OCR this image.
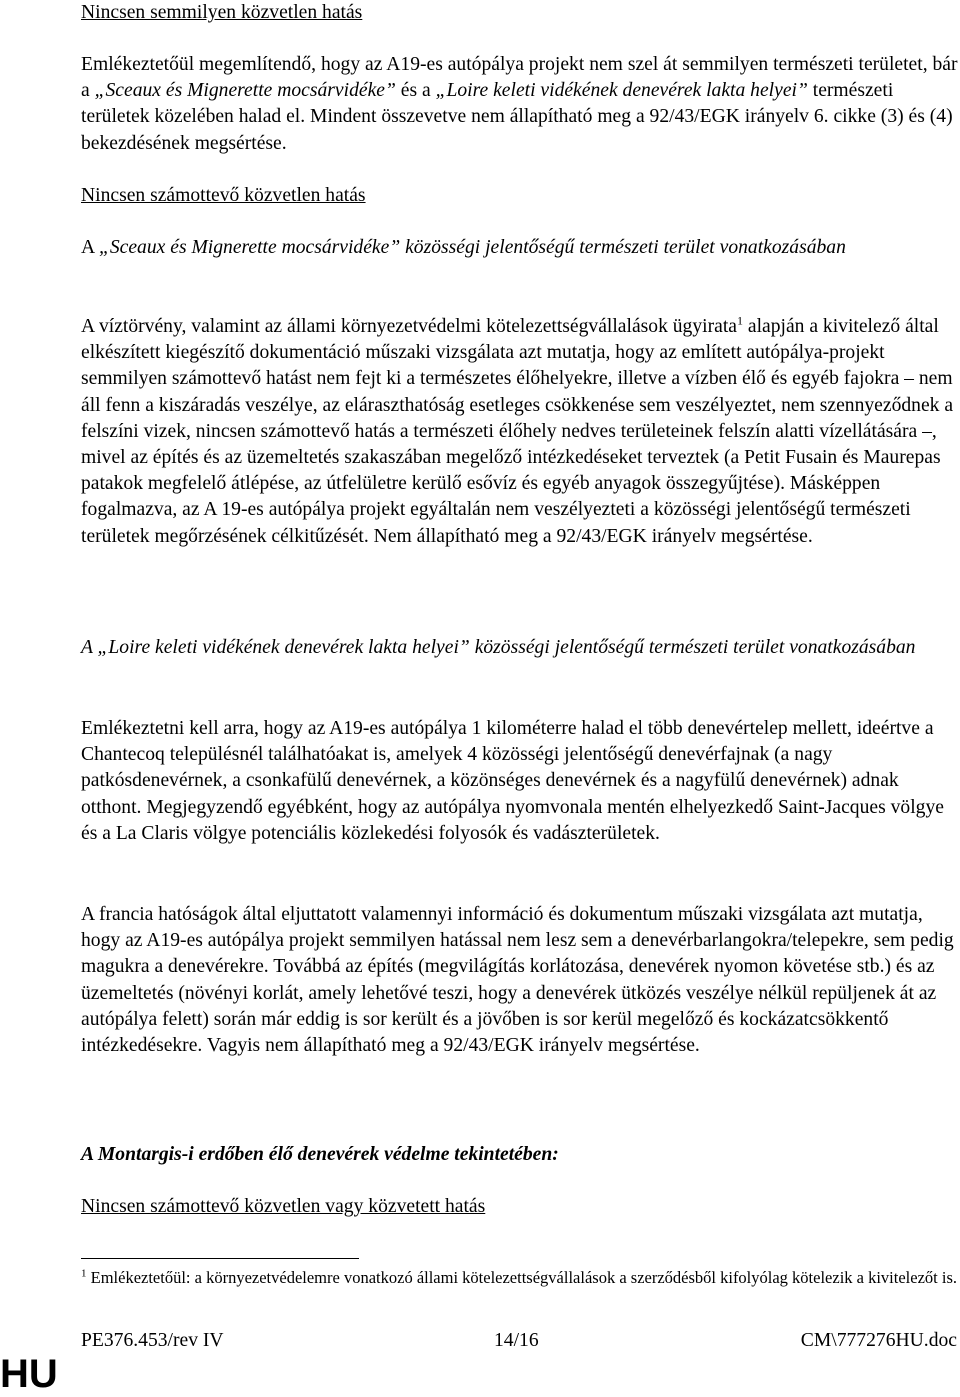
Nincsen semmilyen közvetlen hatás

Emlékeztetőül megemlítendő, hogy az A19-es autópálya projekt nem szel át semmilyen természeti területet, bár a „Sceaux és Mignerette mocsárvidéke” és a „Loire keleti vidékének denevérek lakta helyei” természeti területek közelében halad el. Mindent összevetve nem állapítható meg a 92/43/EGK irányelv 6. cikke (3) és (4) bekezdésének megsértése.

Nincsen számottevő közvetlen hatás

A „Sceaux és Mignerette mocsárvidéke” közösségi jelentőségű természeti terület vonatkozásában

A víztörvény, valamint az állami környezetvédelmi kötelezettségvállalások ügyirata$^1$ alapján a kivitelező által elkészített kiegészítő dokumentáció műszaki vizsgálata azt mutatja, hogy az említett autópálya-projekt semmilyen számottevő hatást nem fejt ki a természetes élőhelyekre, illetve a vízben élő és egyéb fajokra – nem áll fenn a kiszáradás veszélye, az eláraszthatóság esetleges csökkenése sem veszélyeztet, nem szennyeződnek a felszíni vizek, nincsen számottevő hatás a természeti élőhely nedves területeinek felszín alatti vízellátására –, mivel az építés és az üzemeltetés szakaszában megelőző intézkedéseket terveztek (a Petit Fusain és Maurepas patakok megfelelő átlépése, az útfelületre kerülő esővíz és egyéb anyagok összegyűjtése). Másképpen fogalmazva, az A 19-es autópálya projekt egyáltalán nem veszélyezteti a közösségi jelentőségű természeti területek megőrzésének célkitűzését. Nem állapítható meg a 92/43/EGK irányelv megsértése.

A „Loire keleti vidékének denevérek lakta helyei” közösségi jelentőségű természeti terület vonatkozásában

Emlékeztetni kell arra, hogy az A19-es autópálya 1 kilométerre halad el több denevértelep mellett, ideértve a Chantecoq településnél találhatóakat is, amelyek 4 közösségi jelentőségű denevérfajnak (a nagy patkósdenevérnek, a csonkafülű denevérnek, a közönséges denevérnek és a nagyfülű denevérnek) adnak otthont. Megjegyzendő egyébként, hogy az autópálya nyomvonala mentén elhelyezkedő Saint-Jacques völgye és a La Claris völgye potenciális közlekedési folyosók és vadászterületek.

A francia hatóságok által eljuttatott valamennyi információ és dokumentum műszaki vizsgálata azt mutatja, hogy az A19-es autópálya projekt semmilyen hatással nem lesz sem a denevérbarlangokra/telepekre, sem pedig magukra a denevérekre. Továbbá az építés (megvilágítás korlátozása, denevérek nyomon követése stb.) és az üzemeltetés (növényi korlát, amely lehetővé teszi, hogy a denevérek ütközés veszélye nélkül repüljenek át az autópálya felett) során már eddig is sor került és a jövőben is sor kerül megelőző és kockázatcsökkentő intézkedésekre. Vagyis nem állapítható meg a 92/43/EGK irányelv megsértése.

A Montargis-i erdőben élő denevérek védelme tekintetében:

Nincsen számottevő közvetlen vagy közvetett hatás

$^1$ Emlékeztetőül: a környezetvédelemre vonatkozó állami kötelezettségvállalások a szerződésből kifolyólag kötelezik a kivitelezőt is.
PE376.453/rev IV	14/16	CM\777276HU.doc
HU
